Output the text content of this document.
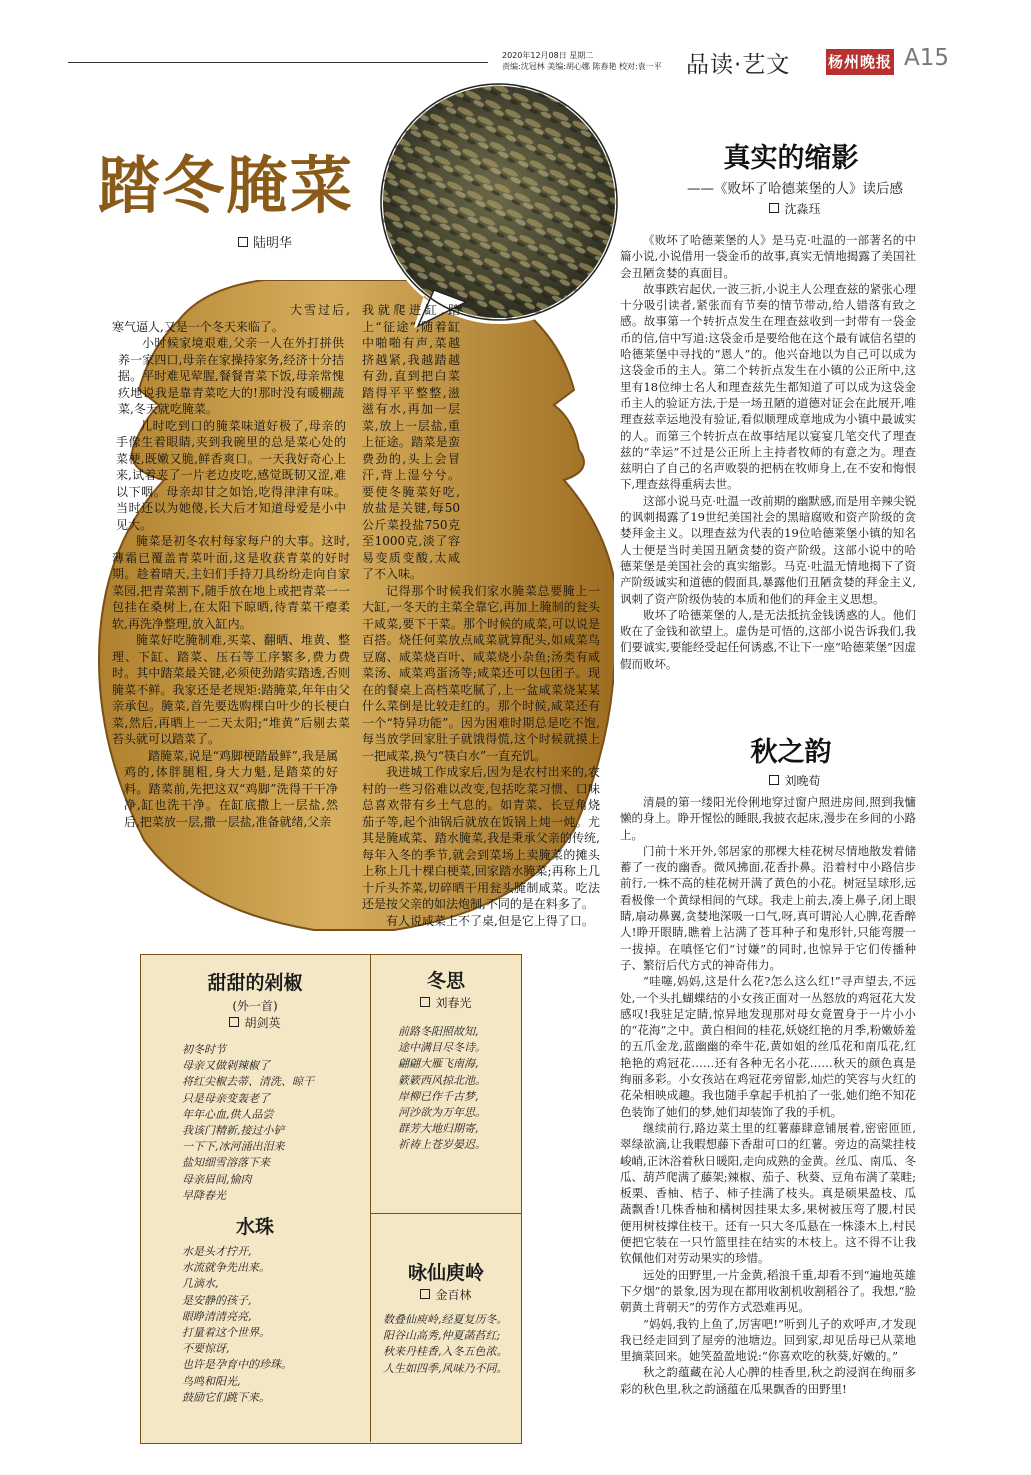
2020年12月08日 星期二
责编:沈冠林 美编:胡心娜 陈春艳 校对:袁一平	品读·艺文	杨州晚报 A15
踏冬腌菜
陆明华

大雪过后,寒气逼人,又是一个冬天来临了。

小时候家境艰难,父亲一人在外打拼供养一家四口,母亲在家操持家务,经济十分拮据。平时难见荤腥,餐餐青菜下饭,母亲常愧疚地说我是靠青菜吃大的!那时没有暖棚蔬菜,冬天就吃腌菜。

儿时吃到口的腌菜味道好极了,母亲的手像生着眼睛,夹到我碗里的总是菜心处的菜梗,既嫩又脆,鲜香爽口。一天我好奇心上来,试着夹了一片老边皮吃,感觉既韧又涩,难以下咽。母亲却甘之如饴,吃得津津有味。当时还以为她傻,长大后才知道母爱是小中见大。

腌菜是初冬农村每家每户的大事。这时,薄霜已覆盖青菜叶面,这是收获青菜的好时期。趁着晴天,主妇们手持刀具纷纷走向自家菜园,把青菜割下,随手放在地上或把青菜一一包挂在桑树上,在太阳下晾晒,待青菜干瘪柔软,再洗净整理,放入缸内。

腌菜好吃腌制难,买菜、翻晒、堆黄、整理、下缸、踏菜、压石等工序繁多,费力费时。其中踏菜最关键,必须使劲踏实踏透,否则腌菜不鲜。我家还是老规矩:踏腌菜,年年由父亲承包。腌菜,首先要选购棵白叶少的长梗白菜,然后,再晒上一二天太阳;“堆黄”后剔去菜苔头就可以踏菜了。

踏腌菜,说是“鸡脚梗踏最鲜”,我是属鸡的,体胖腿粗,身大力魁,是踏菜的好料。踏菜前,先把这双“鸡脚”洗得干干净净,缸也洗干净。在缸底撒上一层盐,然后,把菜放一层,撒一层盐,准备就绪,父亲

我就爬进缸,踏上“征途”,随着缸中啪啪有声,菜越挤越紧,我越踏越有劲,直到把白菜踏得平平整整,滋滋有水,再加一层菜,放上一层盐,重上征途。踏菜是蛮费劲的,头上会冒汗,背上湿兮兮。要使冬腌菜好吃,放盐是关键,每50公斤菜投盐750克至1000克,淡了容易变质变酸,太咸了不入味。

记得那个时候我们家水腌菜总要腌上一大缸,一冬天的主菜全靠它,再加上腌制的瓮头干咸菜,要下干菜。那个时候的咸菜,可以说是百搭。烧任何菜放点咸菜就算配头,如咸菜鸟豆腐、咸菜烧百叶、咸菜烧小杂鱼;汤类有咸菜汤、咸菜鸡蛋汤等;咸菜还可以包团子。现在的餐桌上高档菜吃腻了,上一盆咸菜烧某某什么菜倒是比较走红的。那个时候,咸菜还有一个“特异功能”。因为困难时期总是吃不饱,每当放学回家肚子就饿得慌,这个时候就摸上一把咸菜,换勺“筷白水”一直充饥。

我进城工作成家后,因为是农村出来的,农村的一些习俗难以改变,包括吃菜习惯、口味总喜欢带有乡土气息的。如青菜、长豆角烧茄子等,起个油锅后就放在饭锅上炖一炖。尤其是腌咸菜、踏水腌菜,我是秉承父亲的传统,每年入冬的季节,就会到菜场上卖腌菜的摊头上称上几十棵白梗菜,回家踏水腌菜;再称上几十斤头芥菜,切碎晒干用瓮头腌制咸菜。吃法还是按父亲的如法炮制,不同的是在料多了。

有人说咸菜上不了桌,但是它上得了口。

真实的缩影
——《败坏了哈德莱堡的人》读后感
沈淼珏

《败坏了哈德莱堡的人》是马克·吐温的一部著名的中篇小说,小说借用一袋金币的故事,真实无情地揭露了美国社会丑陋贪婪的真面目。

故事跌宕起伏,一波三折,小说主人公理查兹的紧张心理十分吸引读者,紧张而有节奏的情节带动,给人错落有致之感。故事第一个转折点发生在理查兹收到一封带有一袋金币的信,信中写道:这袋金币是要给他在这个最有诚信名望的哈德莱堡中寻找的“恩人”的。他兴奋地以为自己可以成为这袋金币的主人。第二个转折点发生在小镇的公正所中,这里有18位绅士名人和理查兹先生都知道了可以成为这袋金币主人的验证方法,于是一场丑陋的道德对证会在此展开,唯理查兹幸运地没有验证,看似顺理成章地成为小镇中最诚实的人。而第三个转折点在故事结尾以宴宴几笔交代了理查兹的“幸运”不过是公正所上主持者牧师的有意之为。理查兹明白了自己的名声败裂的把柄在牧师身上,在不安和悔恨下,理查兹得重病去世。

这部小说马克·吐温一改前期的幽默感,而是用辛辣尖锐的讽刺揭露了19世纪美国社会的黑暗腐败和资产阶级的贪婪拜金主义。以理查兹为代表的19位哈德莱堡小镇的知名人士便是当时美国丑陋贪婪的资产阶级。这部小说中的哈德莱堡是美国社会的真实缩影。马克·吐温无情地揭下了资产阶级诚实和道德的假面具,暴露他们丑陋贪婪的拜金主义,讽刺了资产阶级伪装的本质和他们的拜金主义思想。

败坏了哈德莱堡的人,是无法抵抗金钱诱惑的人。他们败在了金钱和欲望上。虚伪是可悟的,这部小说告诉我们,我们要诚实,要能经受起任何诱惑,不让下一座“哈德莱堡”因虚假而败坏。

秋之韵
刘晚荀

清晨的第一缕阳光伶俐地穿过窗户照进房间,照到我慵懒的身上。睁开惺忪的睡眼,我披衣起床,漫步在乡间的小路上。

门前十米开外,邻居家的那棵大桂花树尽情地散发着储蓄了一夜的幽香。微风拂面,花香扑鼻。沿着村中小路信步前行,一株不高的桂花树开满了黄色的小花。树冠呈球形,远看极像一个黄绿相间的气球。我走上前去,凑上鼻子,闭上眼睛,扇动鼻翼,贪婪地深吸一口气,呀,真可谓沁人心脾,花香醉人!睁开眼睛,瞧着上沾满了苍耳种子和鬼形针,只能弯腰一一拔掉。在嗔怪它们“讨嫌”的同时,也惊异于它们传播种子、繁衍后代方式的神奇伟力。

“哇噻,妈妈,这是什么花?怎么这么红!”寻声望去,不远处,一个头扎蝴蝶结的小女孩正面对一丛怒放的鸡冠花大发感叹!我驻足定睛,惊异地发现那对母女竟置身于一片小小的“花海”之中。黄白相间的桂花,妖娆红艳的月季,粉嫩娇羞的五爪金龙,蓝幽幽的牵牛花,黄如姐的丝瓜花和南瓜花,红艳艳的鸡冠花……还有各种无名小花……秋天的颜色真是绚丽多彩。小女孩站在鸡冠花旁留影,灿烂的笑容与火红的花朵相映成趣。我也随手拿起手机拍了一张,她们绝不知花色装饰了她们的梦,她们却装饰了我的手机。

继续前行,路边菜土里的红薯藤肆意铺展着,密密匝匝,翠绿欲滴,让我暇想藤下香甜可口的红薯。旁边的高粱挂枝峻峭,正沐浴着秋日暖阳,走向成熟的金黄。丝瓜、南瓜、冬瓜、葫芦爬满了藤架;辣椒、茄子、秋葵、豆角布满了菜畦;板栗、香柚、桔子、柿子挂满了枝头。真是硕果盈枝、瓜蔬飘香!几株香柚和橘树因挂果太多,果树被压弯了腰,村民便用树枝撑住枝干。还有一只大冬瓜悬在一株漆木上,村民便把它装在一只竹篮里挂在结实的木枝上。这不得不让我钦佩他们对劳动果实的珍惜。

远处的田野里,一片金黄,稻浪千重,却看不到“遍地英雄下夕烟”的景象,因为现在都用收割机收割稻谷了。我想,“脸朝黄土背朝天”的劳作方式恐难再见。

“妈妈,我钓上鱼了,厉害吧!”听到儿子的欢呼声,才发现我已经走回到了屋旁的池塘边。回到家,却见岳母已从菜地里摘菜回来。她笑盈盈地说:“你喜欢吃的秋葵,好嫩的。”

秋之韵蕴藏在沁人心脾的桂香里,秋之韵浸润在绚丽多彩的秋色里,秋之韵涵蕴在瓜果飘香的田野里!

甜甜的剁椒
(外一首)
胡剑英
初冬时节
母亲又做剁辣椒了
将红尖椒去蒂、清洗、晾干
只是母亲变轰老了
年年心血,供人品尝
我该门精新,接过小铲
一下下,冰河涌出泪来
盐知细雪溶落下来
母亲眉间,愉肉
早降春光
水珠
水是头才拧开,
水流就争先出来。
几滴水,
是安静的孩子,
眼睁清清亮亮,
打量着这个世界。
不要惊讶,
也许是孕育中的珍珠。
鸟鸣和阳光,
鼓励它们跳下来。
冬思
刘春光
前路冬阳照故知,
途中满目尽冬诗。
翩翩大雁飞南海,
簌簌西风掠北池。
岸柳已作千古梦,
河沙欲为万年思。
群芳大地归期寄,
祈祷上苍岁晏迟。
咏仙庾岭
金百林
数叠仙庾岭,经夏复历冬。
阳谷山高秀,仲夏菡萏红;
秋来丹桂香,入冬五色浓。
人生如四季,风味乃不同。
